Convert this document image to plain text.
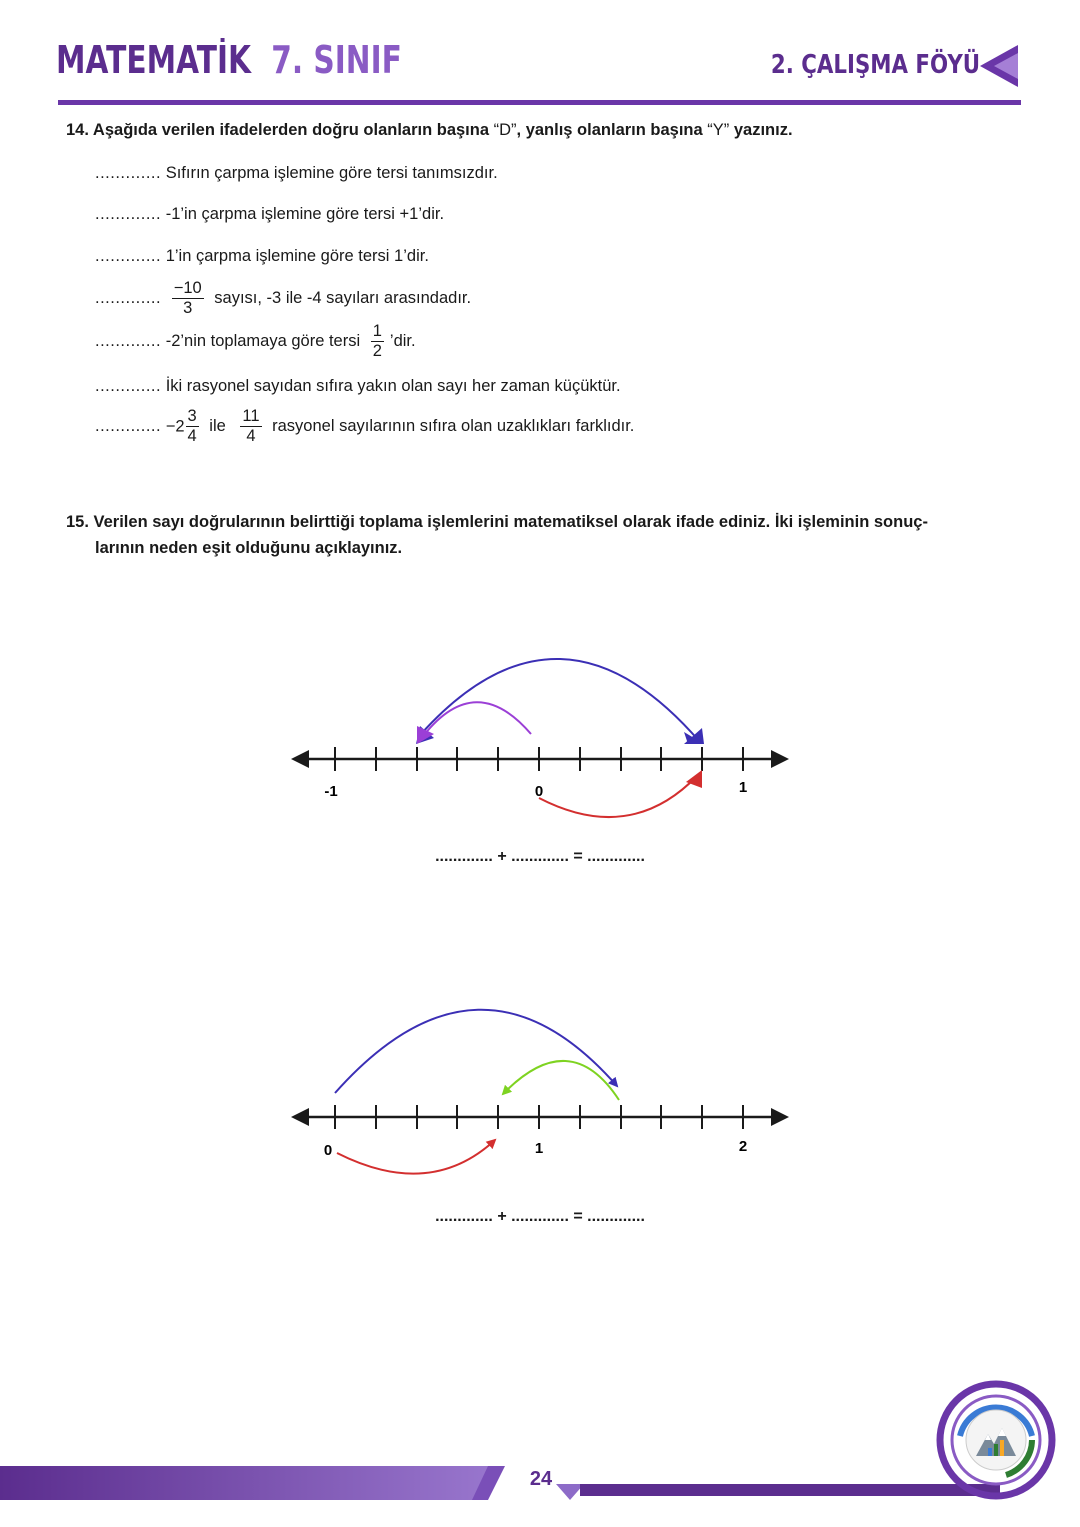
MATEMATİK 7. SINIF	2. ÇALIŞMA FÖYÜ
14. Aşağıda verilen ifadelerden doğru olanların başına “D”, yanlış olanların başına “Y” yazınız.
............. Sıfırın çarpma işlemine göre tersi tanımsızdır.
............. -1’in çarpma işlemine göre tersi +1’dir.
............. 1’in çarpma işlemine göre tersi 1’dir.
............. $\frac{-10}{3}$ sayısı, -3 ile -4 sayıları arasındadır.
............. -2’nin toplamaya göre tersi $\frac{1}{2}$ ’dir.
............. İki rasyonel sayıdan sıfıra yakın olan sayı her zaman küçüktür.
............. $-2 \frac{3}{4}$ ile $\frac{11}{4}$ rasyonel sayılarının sıfıra olan uzaklıkları farklıdır.
15. Verilen sayı doğrularının belirttiği toplama işlemlerini matematiksel olarak ifade ediniz. İki işleminin sonuç-
larının neden eşit olduğunu açıklayınız.
-1	0	1
0	1	2
............. + ............. = .............
............. + ............. = .............
24
